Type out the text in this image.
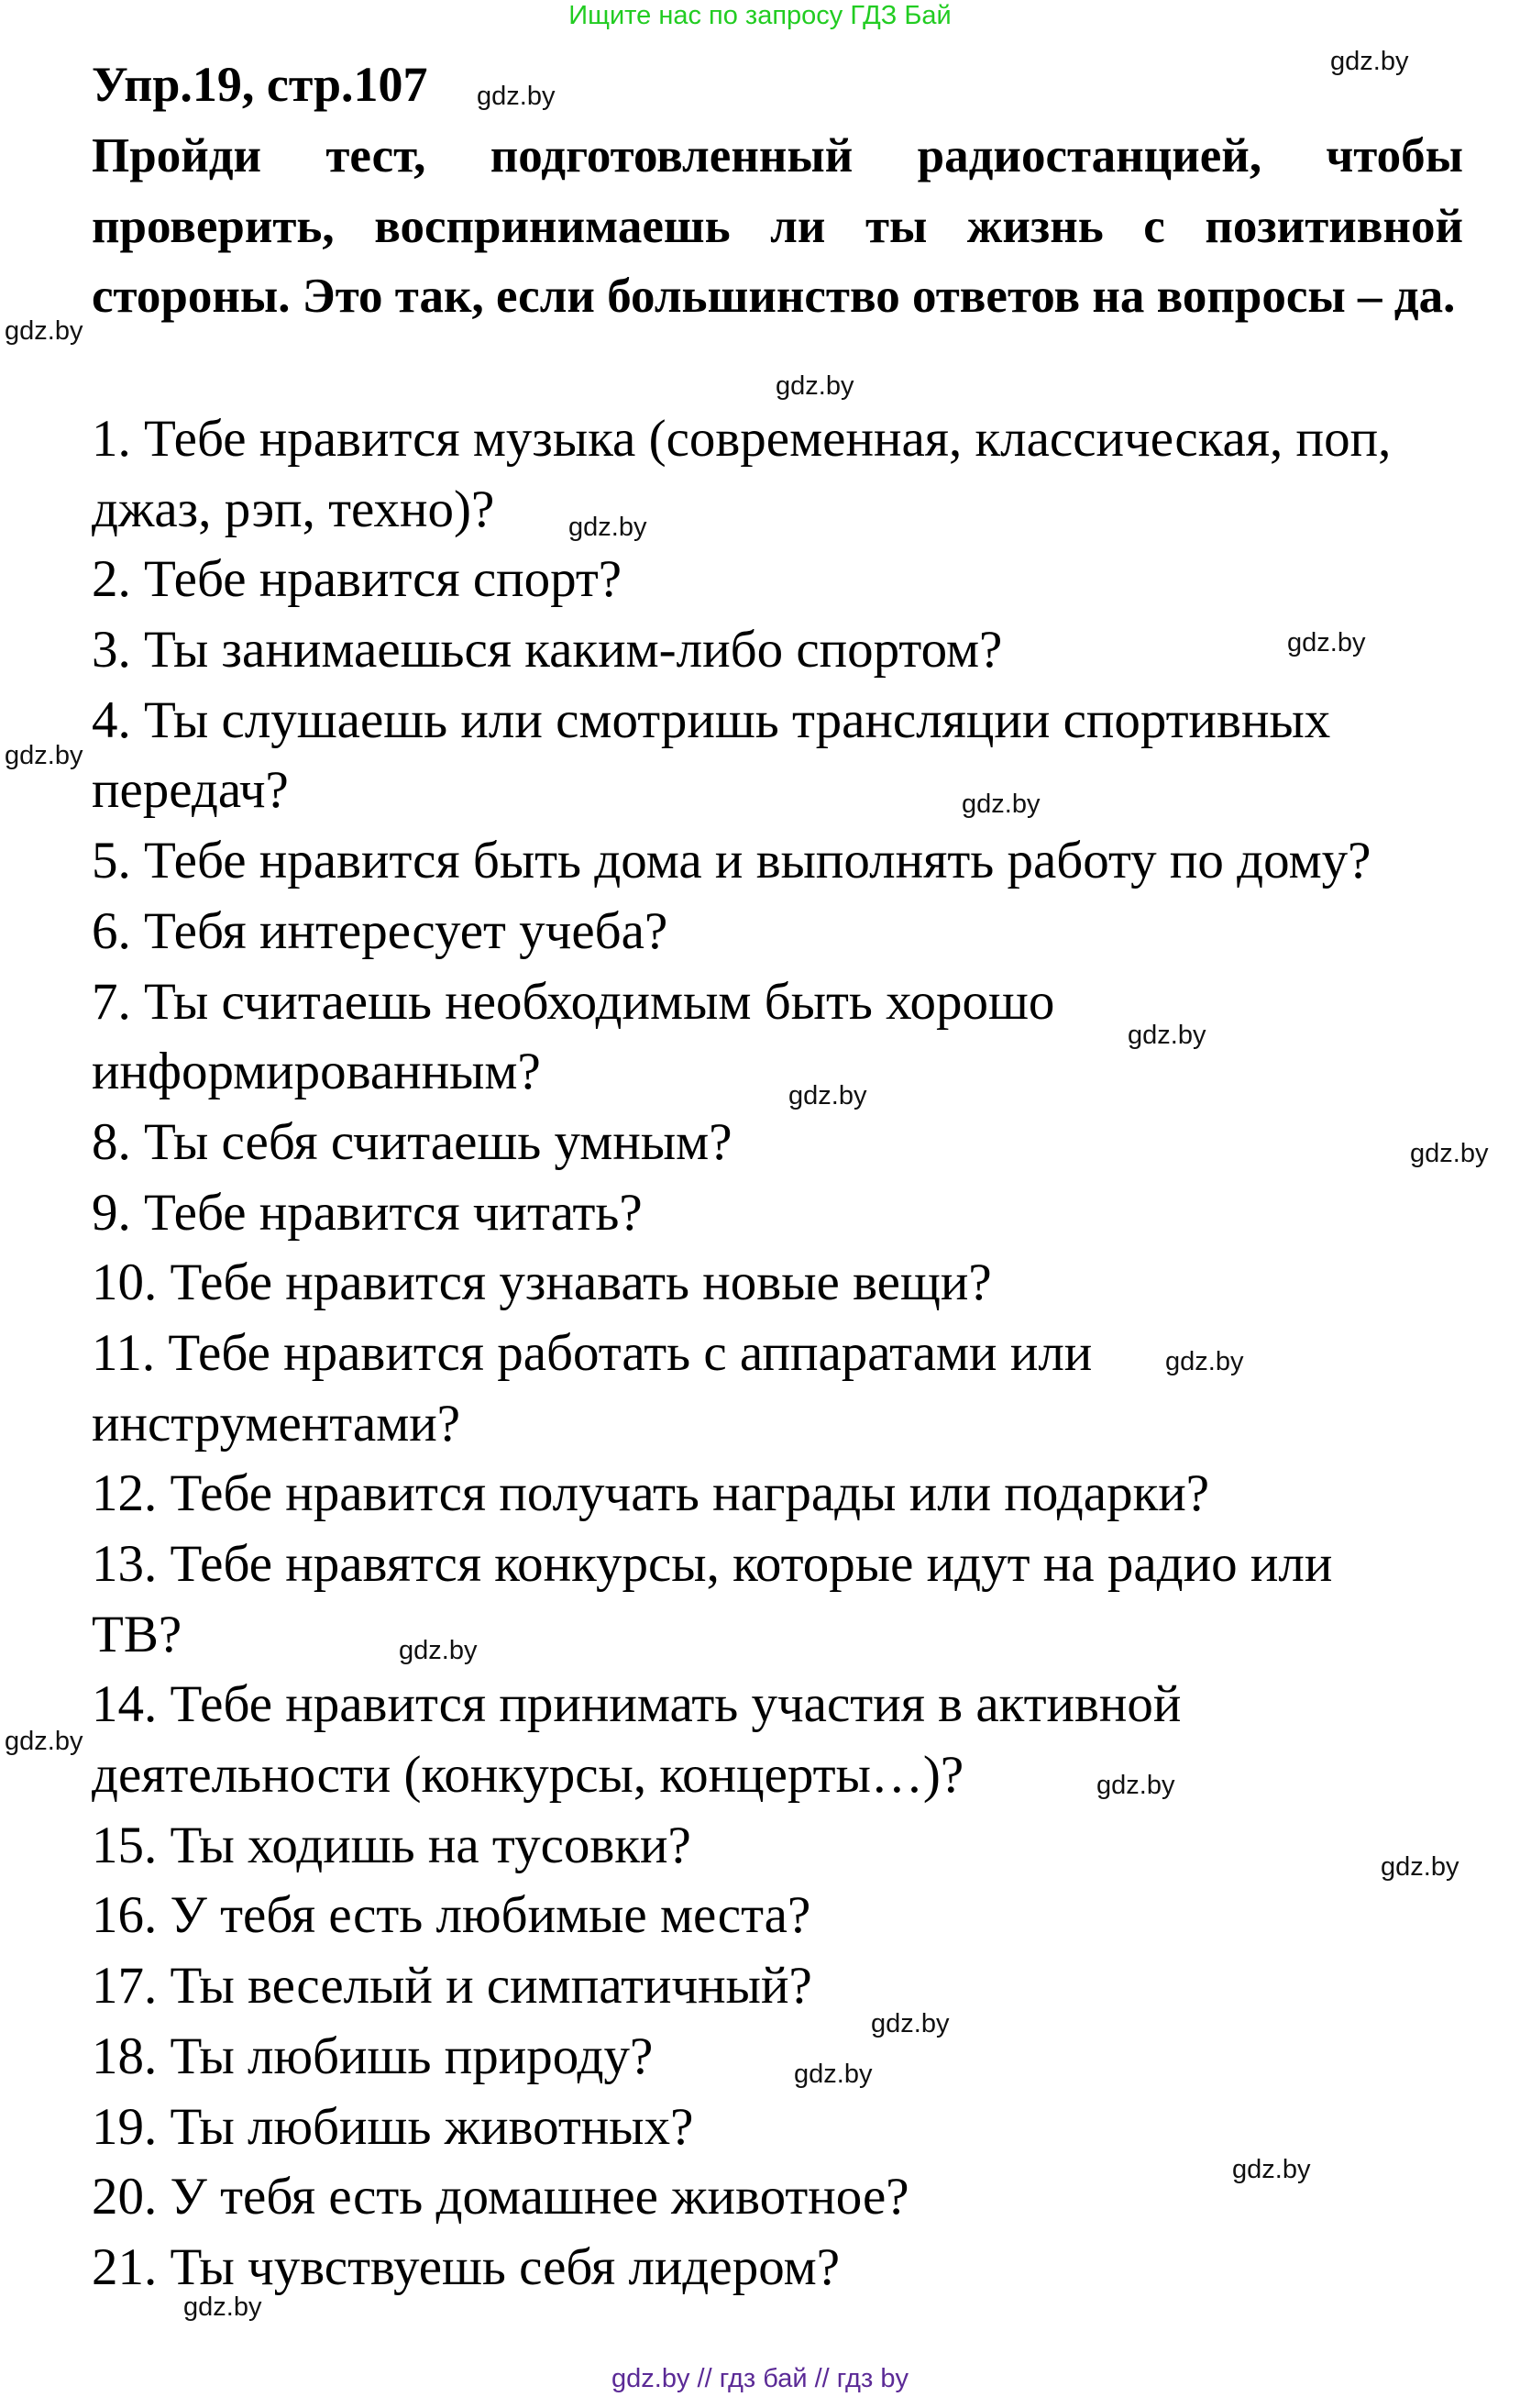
Ищите нас по запросу ГДЗ Бай
Упр.19, стр.107
Пройди тест, подготовленный радиостанцией, чтобы проверить, воспринимаешь ли ты жизнь с позитивной стороны. Это так, если большинство ответов на вопросы – да.
1. Тебе нравится музыка (современная, классическая, поп,
джаз, рэп, техно)?
2. Тебе нравится спорт?
3. Ты занимаешься каким-либо спортом?
4. Ты слушаешь или смотришь трансляции спортивных
передач?
5. Тебе нравится быть дома и выполнять работу по дому?
6. Тебя интересует учеба?
7. Ты считаешь необходимым быть хорошо
информированным?
8. Ты себя считаешь умным?
9. Тебе нравится читать?
10. Тебе нравится узнавать новые вещи?
11. Тебе нравится работать с аппаратами или
инструментами?
12. Тебе нравится получать награды или подарки?
13. Тебе нравятся конкурсы, которые идут на радио или
ТВ?
14. Тебе нравится принимать участия в активной
деятельности (конкурсы, концерты…)?
15. Ты ходишь на тусовки?
16. У тебя есть любимые места?
17. Ты веселый и симпатичный?
18. Ты любишь природу?
19. Ты любишь животных?
20. У тебя есть домашнее животное?
21. Ты чувствуешь себя лидером?
gdz.by
gdz.by
gdz.by
gdz.by
gdz.by
gdz.by
gdz.by
gdz.by
gdz.by
gdz.by
gdz.by
gdz.by
gdz.by
gdz.by
gdz.by
gdz.by
gdz.by
gdz.by
gdz.by
gdz.by
gdz.by // гдз бай // гдз by
